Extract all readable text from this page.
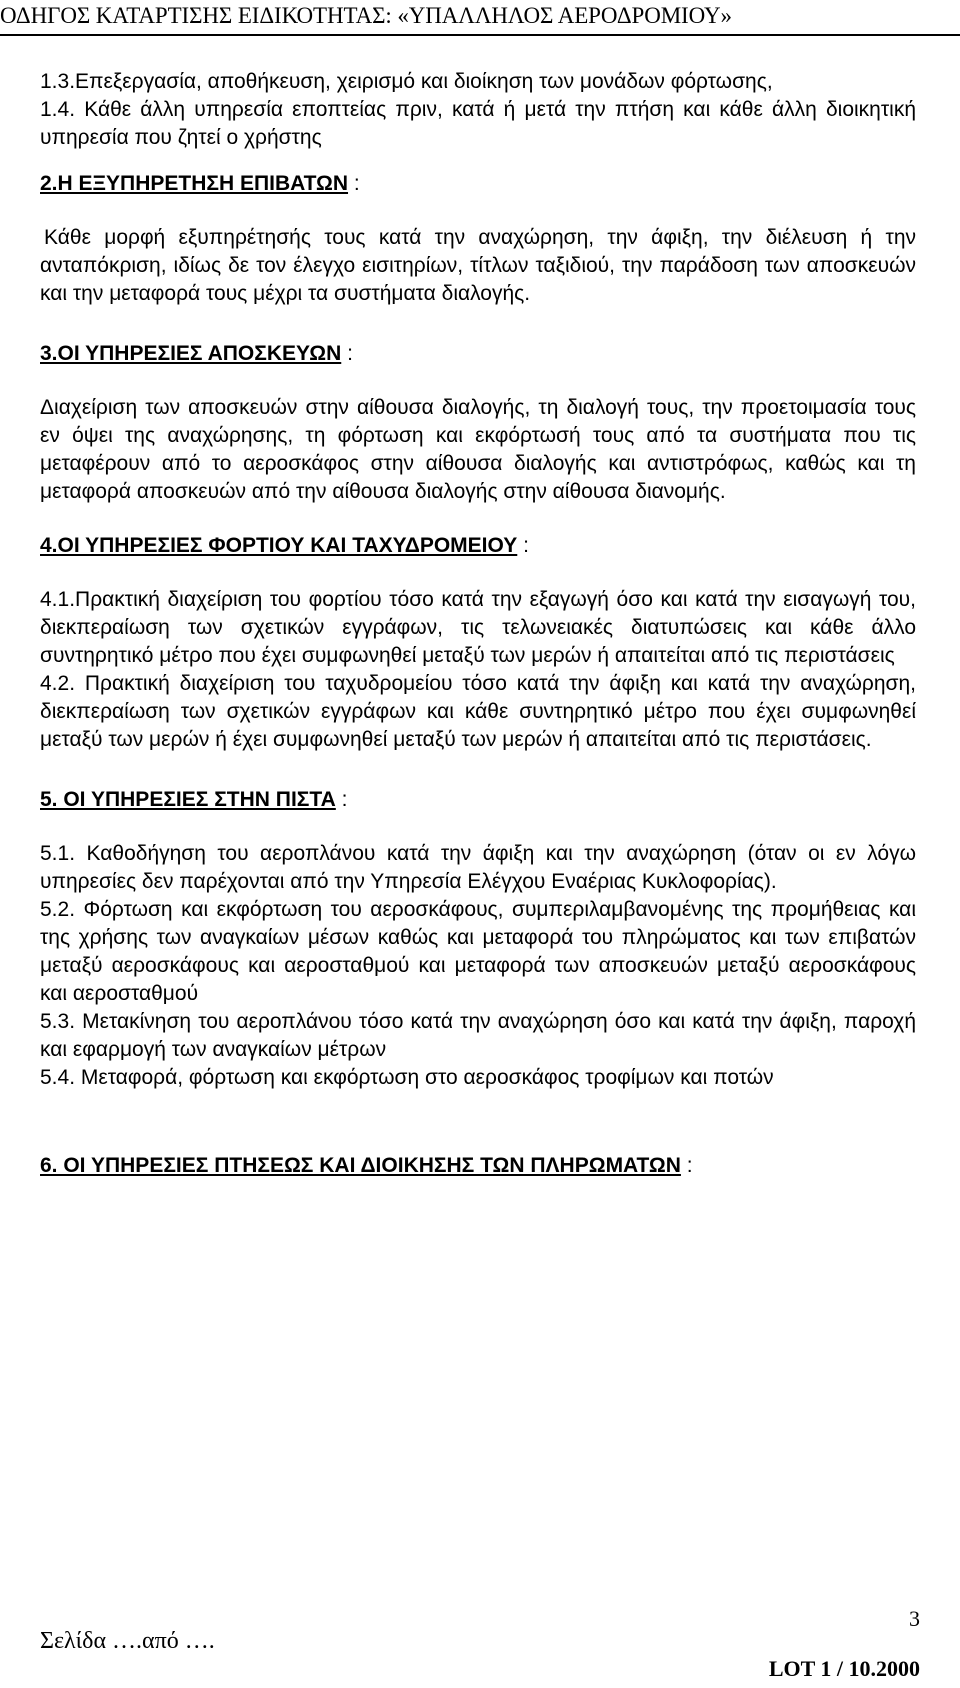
ΟΔΗΓΟΣ ΚΑΤΑΡΤΙΣΗΣ ΕΙΔΙΚΟΤΗΤΑΣ: «ΥΠΑΛΛΗΛΟΣ ΑΕΡΟΔΡΟΜΙΟΥ»

1.3.Επεξεργασία, αποθήκευση, χειρισμό και διοίκηση των μονάδων φόρτωσης,

1.4. Κάθε άλλη υπηρεσία εποπτείας πριν, κατά ή μετά την πτήση και κάθε άλλη διοικητική υπηρεσία που ζητεί ο χρήστης

2.Η ΕΞΥΠΗΡΕΤΗΣΗ ΕΠΙΒΑΤΩΝ :

Κάθε μορφή εξυπηρέτησής τους κατά την αναχώρηση, την άφιξη, την διέλευση ή την ανταπόκριση, ιδίως δε τον έλεγχο εισιτηρίων, τίτλων ταξιδιού, την παράδοση των αποσκευών και την μεταφορά τους μέχρι τα συστήματα διαλογής.

3.ΟΙ ΥΠΗΡΕΣΙΕΣ ΑΠΟΣΚΕΥΩΝ :

Διαχείριση των αποσκευών στην αίθουσα διαλογής, τη διαλογή τους, την προετοιμασία τους εν όψει της αναχώρησης, τη φόρτωση και εκφόρτωσή τους από τα συστήματα που τις μεταφέρουν από το αεροσκάφος στην αίθουσα διαλογής και αντιστρόφως, καθώς και τη μεταφορά αποσκευών από την αίθουσα διαλογής στην αίθουσα διανομής.

4.ΟΙ ΥΠΗΡΕΣΙΕΣ ΦΟΡΤΙΟΥ ΚΑΙ ΤΑΧΥΔΡΟΜΕΙΟΥ :

4.1.Πρακτική διαχείριση του φορτίου τόσο κατά την εξαγωγή όσο και κατά την εισαγωγή του, διεκπεραίωση των σχετικών εγγράφων, τις τελωνειακές διατυπώσεις και κάθε άλλο συντηρητικό μέτρο που έχει συμφωνηθεί μεταξύ των μερών ή απαιτείται από τις περιστάσεις

4.2. Πρακτική διαχείριση του ταχυδρομείου τόσο κατά την άφιξη και κατά την αναχώρηση, διεκπεραίωση των σχετικών εγγράφων και κάθε συντηρητικό μέτρο που έχει συμφωνηθεί μεταξύ των μερών ή έχει συμφωνηθεί μεταξύ των μερών ή απαιτείται από τις περιστάσεις.

5. ΟΙ ΥΠΗΡΕΣΙΕΣ ΣΤΗΝ ΠΙΣΤΑ :

5.1. Καθοδήγηση του αεροπλάνου κατά την άφιξη και την αναχώρηση (όταν οι εν λόγω υπηρεσίες δεν παρέχονται από την Υπηρεσία Ελέγχου Εναέριας Κυκλοφορίας).

5.2. Φόρτωση και εκφόρτωση του αεροσκάφους, συμπεριλαμβανομένης της προμήθειας και της χρήσης των αναγκαίων μέσων καθώς και μεταφορά του πληρώματος και των επιβατών μεταξύ αεροσκάφους και αεροσταθμού και μεταφορά των αποσκευών μεταξύ αεροσκάφους και αεροσταθμού

5.3. Μετακίνηση του αεροπλάνου τόσο κατά την αναχώρηση όσο και κατά την άφιξη, παροχή και εφαρμογή των αναγκαίων μέτρων

5.4. Μεταφορά, φόρτωση και εκφόρτωση στο αεροσκάφος τροφίμων και ποτών

6. ΟΙ ΥΠΗΡΕΣΙΕΣ ΠΤΗΣΕΩΣ ΚΑΙ ΔΙΟΙΚΗΣΗΣ ΤΩΝ ΠΛΗΡΩΜΑΤΩΝ :

3
Σελίδα ….από ….
LOT 1 / 10.2000
